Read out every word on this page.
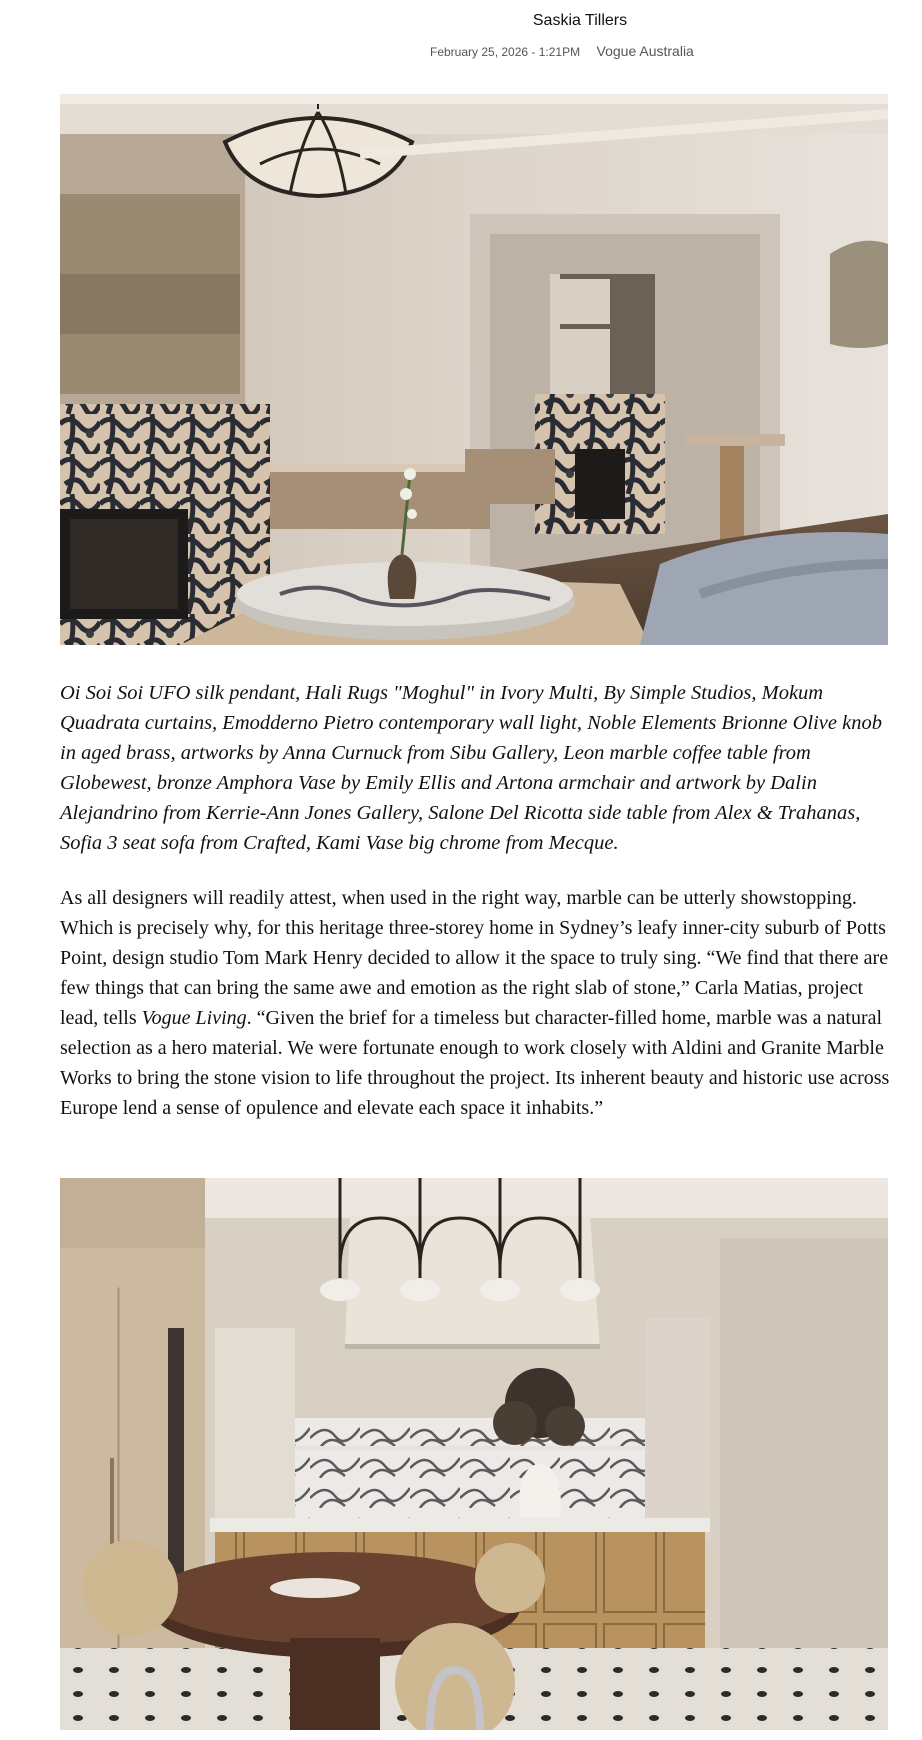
Saskia Tillers
February 25, 2026 - 1:21PM Vogue Australia
Oi Soi Soi UFO silk pendant, Hali Rugs "Moghul" in Ivory Multi, By Simple Studios, Mokum Quadrata curtains, Emodderno Pietro contemporary wall light, Noble Elements Brionne Olive knob in aged brass, artworks by Anna Curnuck from Sibu Gallery, Leon marble coffee table from Globewest, bronze Amphora Vase by Emily Ellis and Artona armchair and artwork by Dalin Alejandrino from Kerrie-Ann Jones Gallery, Salone Del Ricotta side table from Alex & Trahanas, Sofia 3 seat sofa from Crafted, Kami Vase big chrome from Mecque.
As all designers will readily attest, when used in the right way, marble can be utterly showstopping. Which is precisely why, for this heritage three-storey home in Sydney’s leafy inner-city suburb of Potts Point, design studio Tom Mark Henry decided to allow it the space to truly sing. “We find that there are few things that can bring the same awe and emotion as the right slab of stone,” Carla Matias, project lead, tells Vogue Living. “Given the brief for a timeless but character-filled home, marble was a natural selection as a hero material. We were fortunate enough to work closely with Aldini and Granite Marble Works to bring the stone vision to life throughout the project. Its inherent beauty and historic use across Europe lend a sense of opulence and elevate each space it inhabits.”
